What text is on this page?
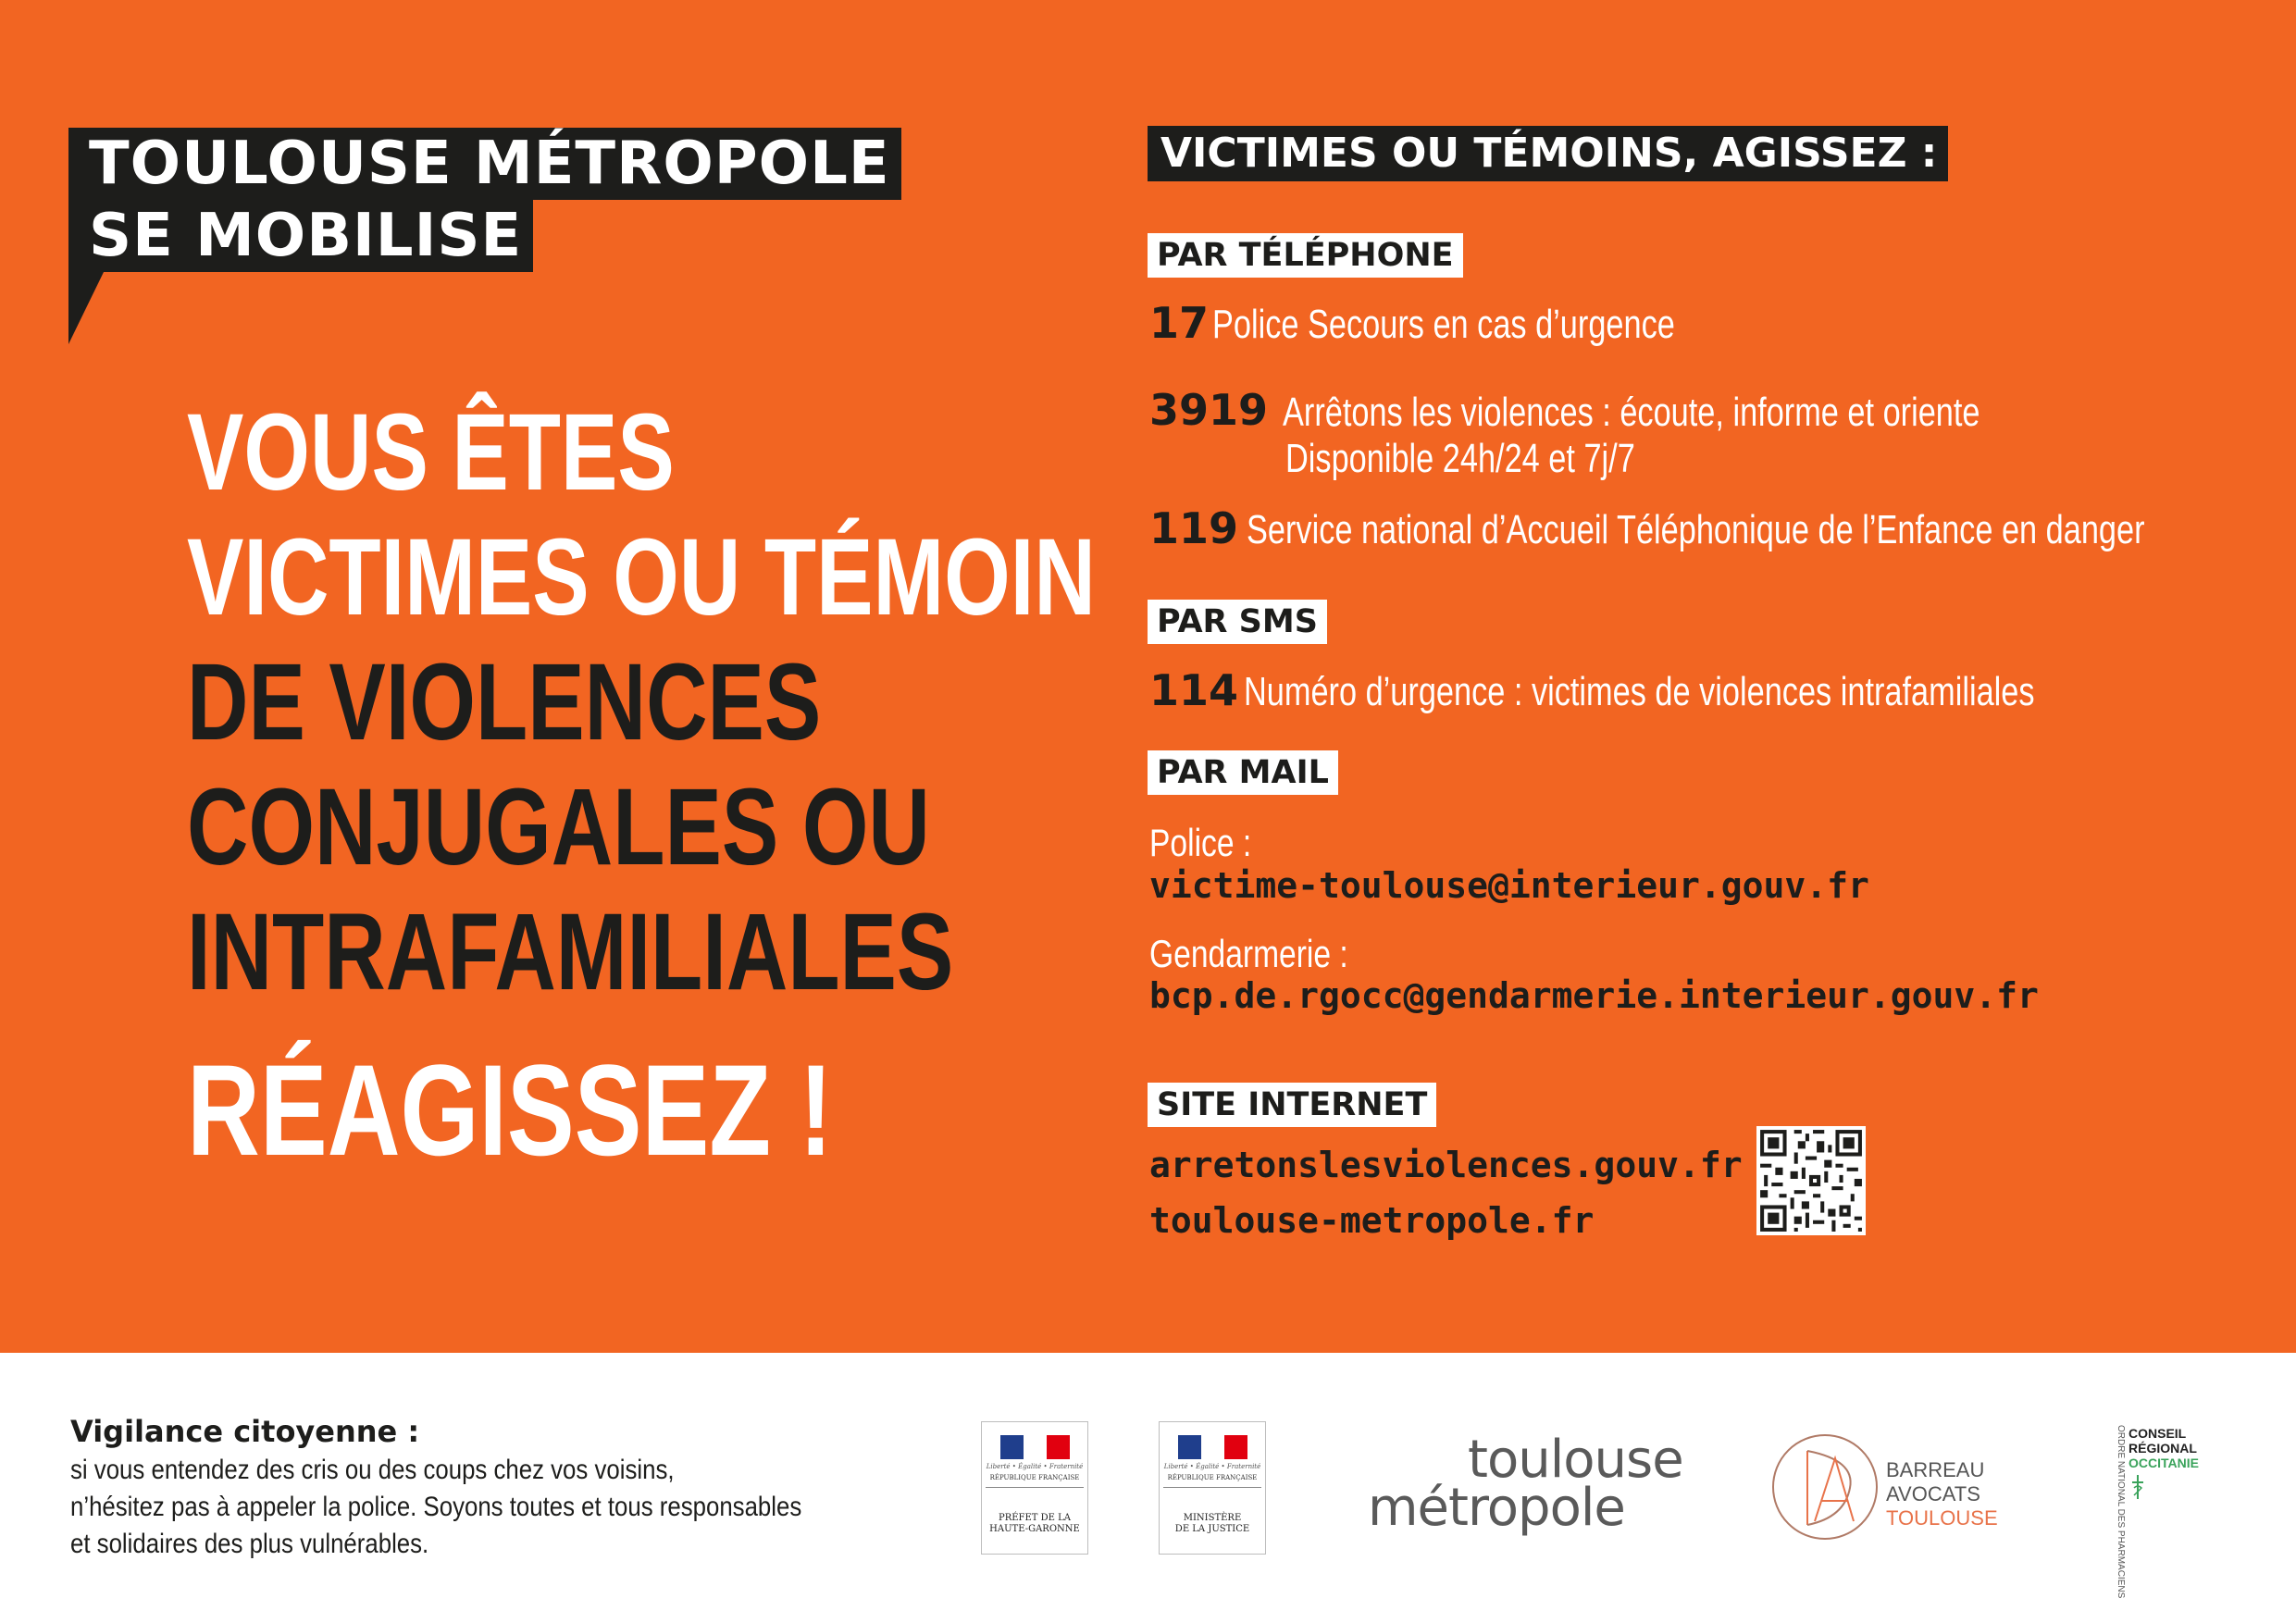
TOULOUSE MÉTROPOLE
SE MOBILISE
VOUS ÊTES
VICTIMES OU TÉMOIN
DE VIOLENCES
CONJUGALES OU
INTRAFAMILIALES
RÉAGISSEZ !
VICTIMES OU TÉMOINS, AGISSEZ :
PAR TÉLÉPHONE
17 Police Secours en cas d’urgence
3919 Arrêtons les violences : écoute, informe et oriente
Disponible 24h/24 et 7j/7
119 Service national d’Accueil Téléphonique de l’Enfance en danger
PAR SMS
114 Numéro d’urgence : victimes de violences intrafamiliales
PAR MAIL
Police :
victime-toulouse@interieur.gouv.fr
Gendarmerie :
bcp.de.rgocc@gendarmerie.interieur.gouv.fr
SITE INTERNET
arretonslesviolences.gouv.fr
toulouse-metropole.fr
Vigilance citoyenne :
si vous entendez des cris ou des coups chez vos voisins,
n’hésitez pas à appeler la police. Soyons toutes et tous responsables
et solidaires des plus vulnérables.
Liberté • Égalité • Fraternité
RÉPUBLIQUE FRANÇAISE
PRÉFET DE LA
HAUTE-GARONNE
Liberté • Égalité • Fraternité
RÉPUBLIQUE FRANÇAISE
MINISTÈRE
DE LA JUSTICE
toulouse
métropole
BARREAU
AVOCATS
TOULOUSE	ORDRE NATIONAL DES PHARMACIENS CONSEIL
RÉGIONAL
OCCITANIE
